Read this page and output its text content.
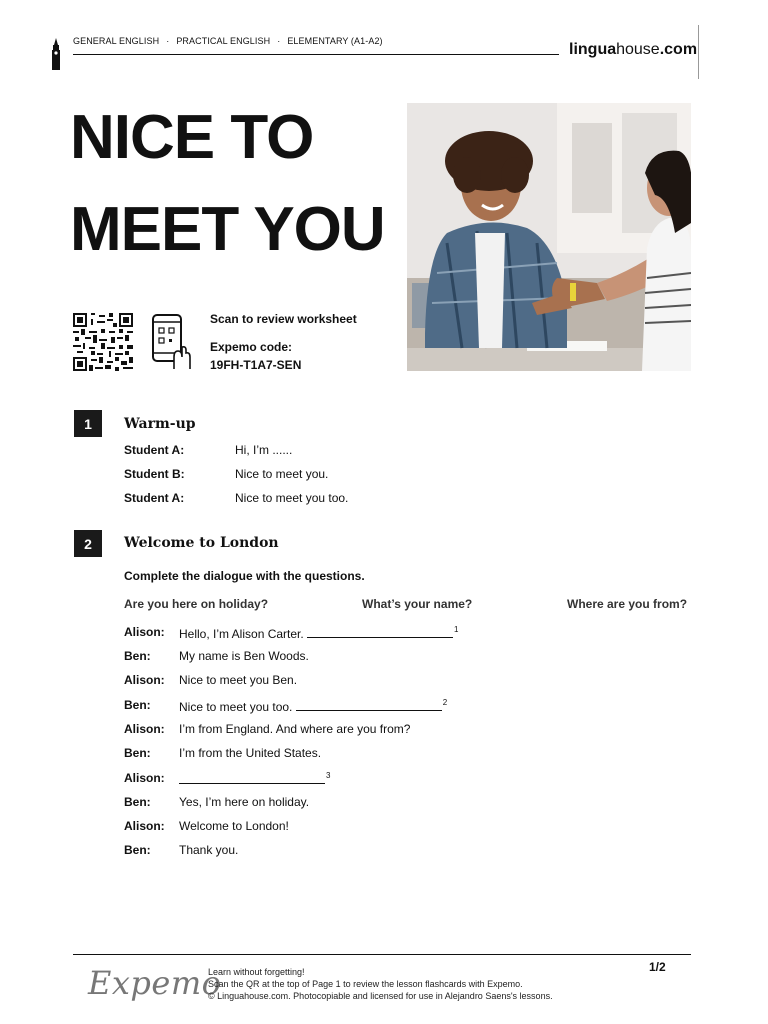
GENERAL ENGLISH · PRACTICAL ENGLISH · ELEMENTARY (A1-A2)	linguahouse.com
NICE TO
MEET YOU
Scan to review worksheet
Expemo code:
19FH-T1A7-SEN
1	Warm-up
Student A:	Hi, I’m ......
Student B:	Nice to meet you.
Student A:	Nice to meet you too.
2	Welcome to London
Complete the dialogue with the questions.
Are you here on holiday?	What’s your name?	Where are you from?
Alison: Hello, I’m Alison Carter.	$^1$
Ben: My name is Ben Woods.
Alison: Nice to meet you Ben.
Ben: Nice to meet you too.	$^2$
Alison: I’m from England. And where are you from?
Ben: I’m from the United States.
Alison:	$^3$
Ben: Yes, I’m here on holiday.
Alison: Welcome to London!
Ben: Thank you.
Expemo
Learn without forgetting!
Scan the QR at the top of Page 1 to review the lesson flashcards with Expemo.
© Linguahouse.com. Photocopiable and licensed for use in Alejandro Saens's lessons.
1/2
